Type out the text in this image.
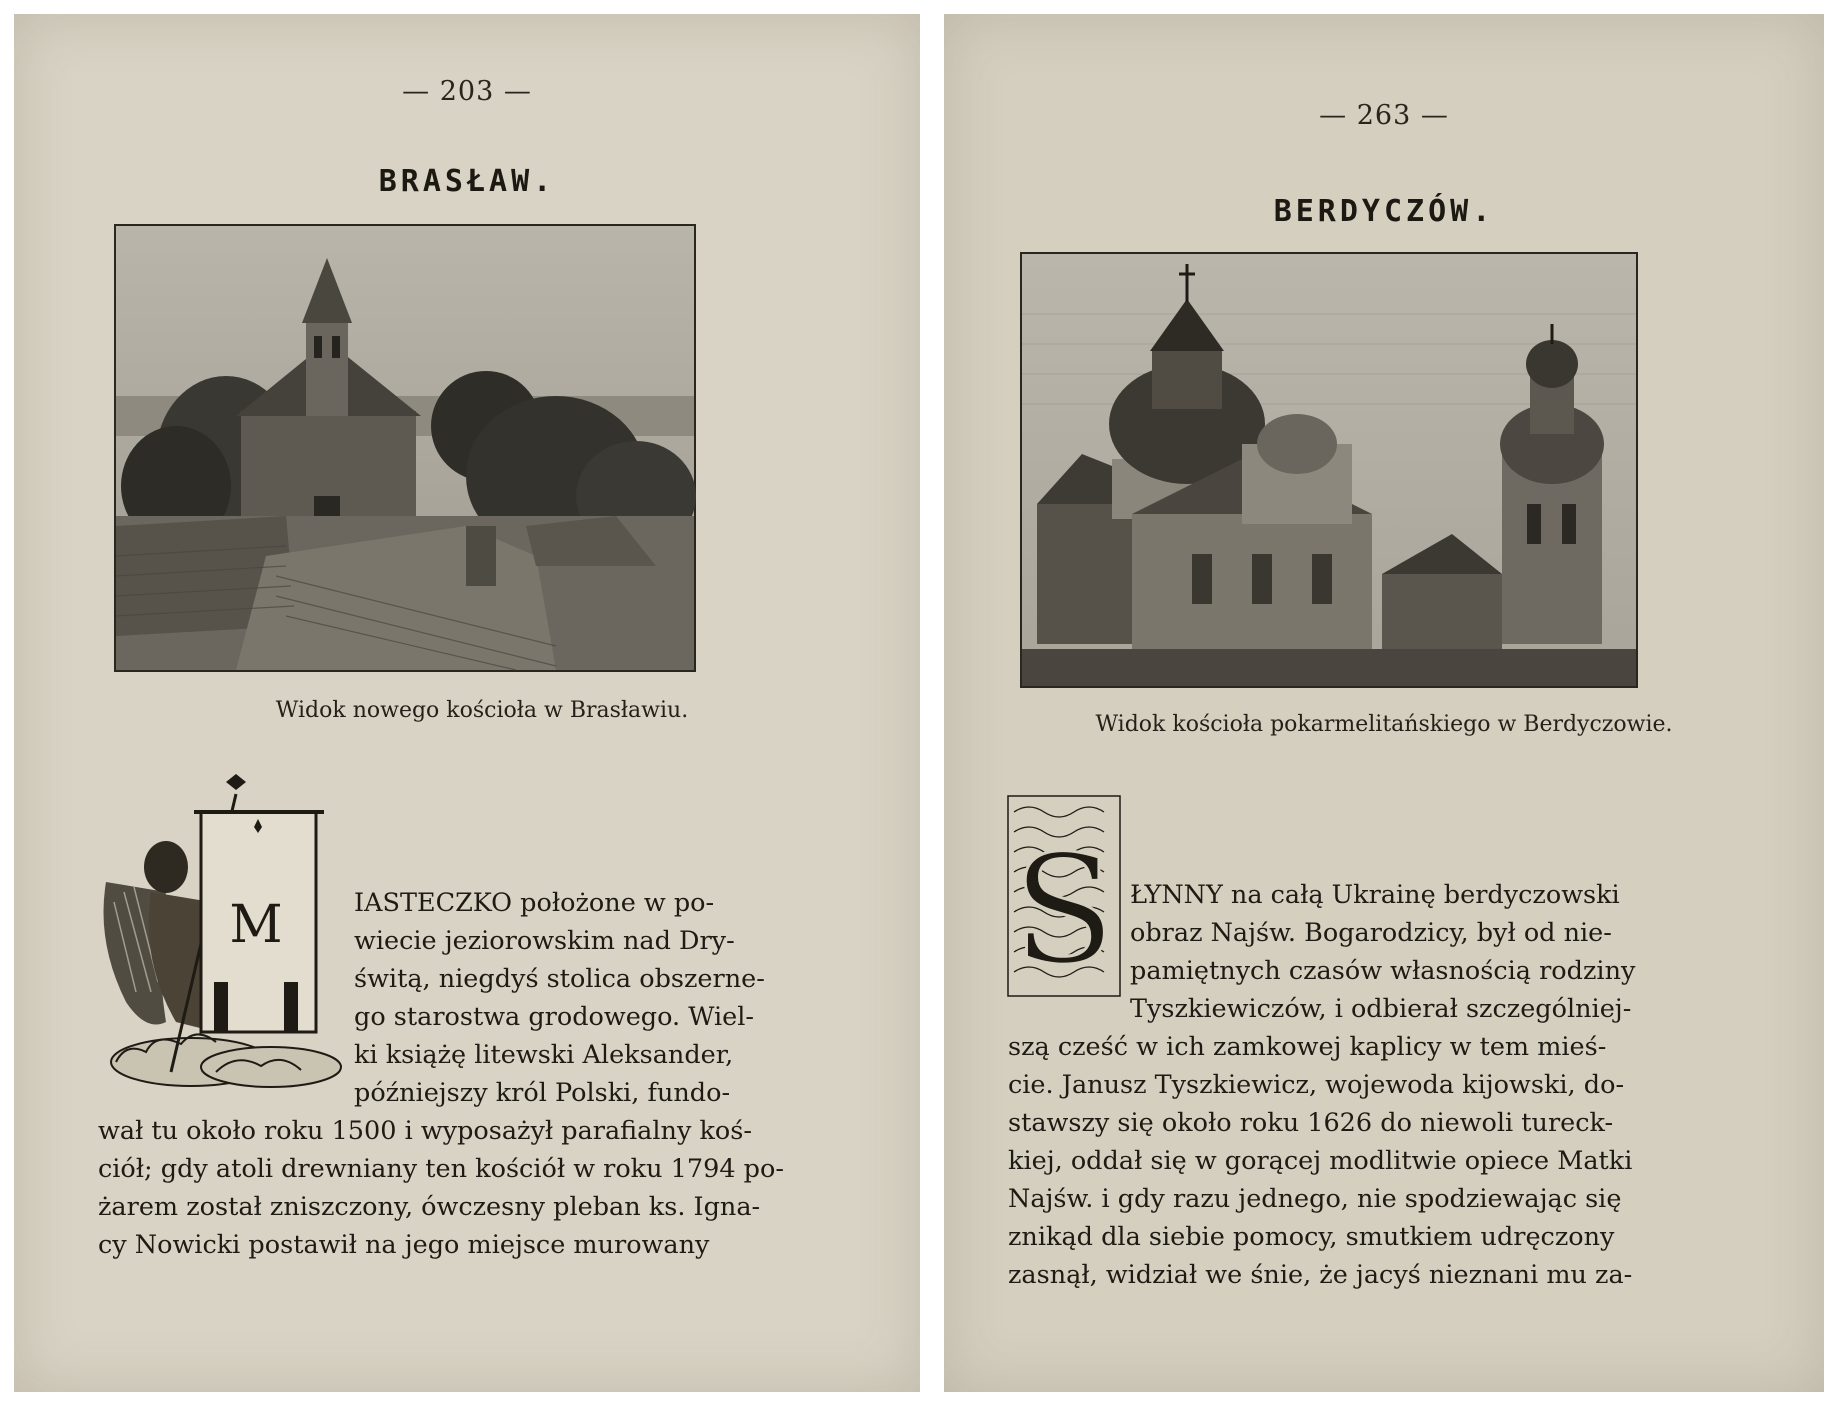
— 203 —
BRASŁAW.
Widok nowego kościoła w Brasławiu.
M	IASTECZKO położone w po-
wiecie jeziorowskim nad Dry-
świtą, niegdyś stolica obszerne-
go starostwa grodowego. Wiel-
ki książę litewski Aleksander,
późniejszy król Polski, fundo-
wał tu około roku 1500 i wyposażył parafialny koś-
ciół; gdy atoli drewniany ten kościół w roku 1794 po-
żarem został zniszczony, ówczesny pleban ks. Igna-
cy Nowicki postawił na jego miejsce murowany
— 263 —
BERDYCZÓW.
Widok kościoła pokarmelitańskiego w Berdyczowie.
S ŁYNNY na całą Ukrainę berdyczowski
obraz Najśw. Bogarodzicy, był od nie-
pamiętnych czasów własnością rodziny
Tyszkiewiczów, i odbierał szczególniej-
szą cześć w ich zamkowej kaplicy w tem mieś-
cie. Janusz Tyszkiewicz, wojewoda kijowski, do-
stawszy się około roku 1626 do niewoli tureck-
kiej, oddał się w gorącej modlitwie opiece Matki
Najśw. i gdy razu jednego, nie spodziewając się
znikąd dla siebie pomocy, smutkiem udręczony
zasnął, widział we śnie, że jacyś nieznani mu za-
